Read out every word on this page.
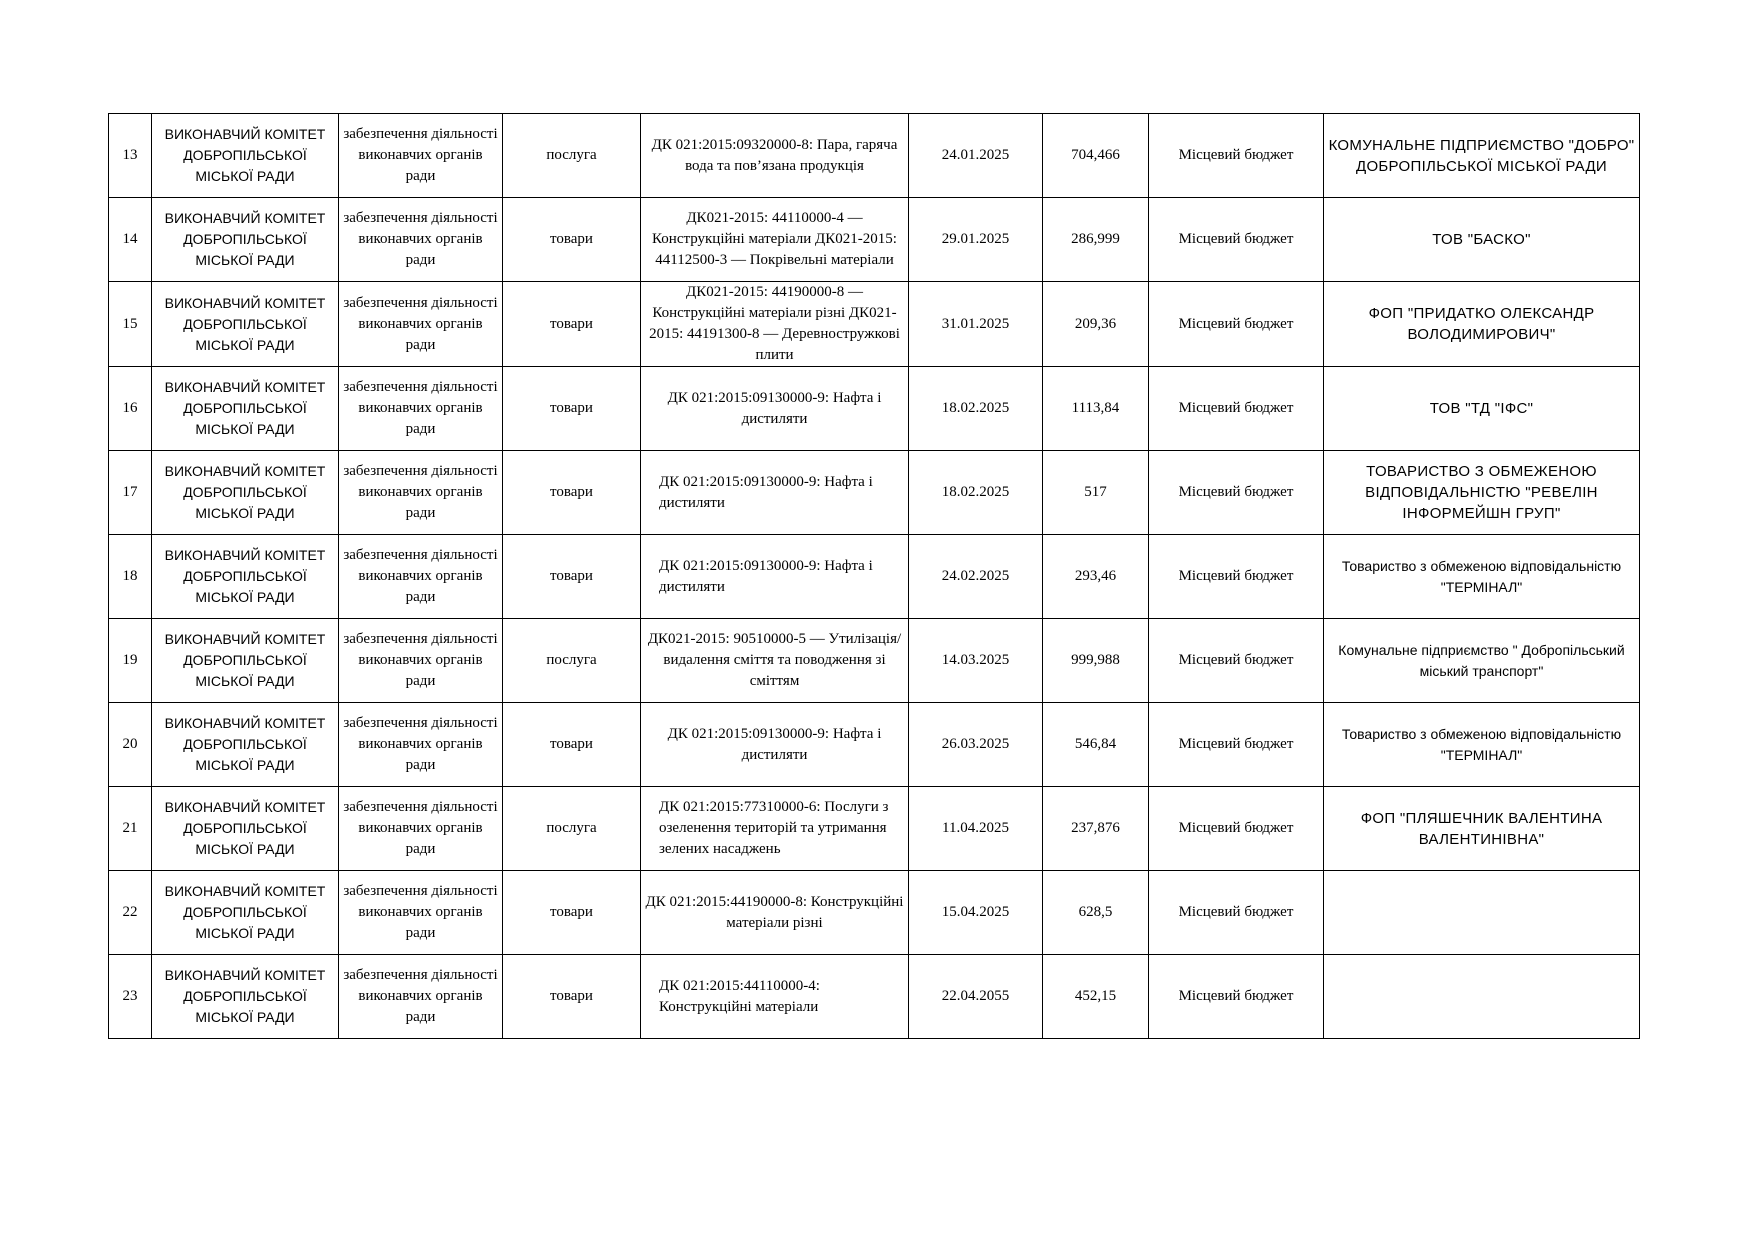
13	ВИКОНАВЧИЙ КОМІТЕТ ДОБРОПІЛЬСЬКОЇ МІСЬКОЇ РАДИ	забезпечення діяльності виконавчих органів ради	послуга	ДК 021:2015:09320000-8: Пара, гаряча вода та пов’язана продукція	24.01.2025	704,466	Місцевий бюджет	КОМУНАЛЬНЕ ПІДПРИЄМСТВО "ДОБРО" ДОБРОПІЛЬСЬКОЇ МІСЬКОЇ РАДИ
14	ВИКОНАВЧИЙ КОМІТЕТ ДОБРОПІЛЬСЬКОЇ МІСЬКОЇ РАДИ	забезпечення діяльності виконавчих органів ради	товари	ДК021-2015: 44110000-4 — Конструкційні матеріали ДК021-2015: 44112500-3 — Покрівельні матеріали	29.01.2025	286,999	Місцевий бюджет	ТОВ "БАСКО"
15	ВИКОНАВЧИЙ КОМІТЕТ ДОБРОПІЛЬСЬКОЇ МІСЬКОЇ РАДИ	забезпечення діяльності виконавчих органів ради	товари	ДК021-2015: 44190000-8 — Конструкційні матеріали різні ДК021-2015: 44191300-8 — Деревностружкові плити	31.01.2025	209,36	Місцевий бюджет	ФОП "ПРИДАТКО ОЛЕКСАНДР ВОЛОДИМИРОВИЧ"
16	ВИКОНАВЧИЙ КОМІТЕТ ДОБРОПІЛЬСЬКОЇ МІСЬКОЇ РАДИ	забезпечення діяльності виконавчих органів ради	товари	ДК 021:2015:09130000-9: Нафта і дистиляти	18.02.2025	1113,84	Місцевий бюджет	ТОВ "ТД "ІФС"
17	ВИКОНАВЧИЙ КОМІТЕТ ДОБРОПІЛЬСЬКОЇ МІСЬКОЇ РАДИ	забезпечення діяльності виконавчих органів ради	товари	ДК 021:2015:09130000-9: Нафта і дистиляти	18.02.2025	517	Місцевий бюджет	ТОВАРИСТВО З ОБМЕЖЕНОЮ ВІДПОВІДАЛЬНІСТЮ "РЕВЕЛІН ІНФОРМЕЙШН ГРУП"
18	ВИКОНАВЧИЙ КОМІТЕТ ДОБРОПІЛЬСЬКОЇ МІСЬКОЇ РАДИ	забезпечення діяльності виконавчих органів ради	товари	ДК 021:2015:09130000-9: Нафта і дистиляти	24.02.2025	293,46	Місцевий бюджет	Товариство з обмеженою відповідальністю "ТЕРМІНАЛ"
19	ВИКОНАВЧИЙ КОМІТЕТ ДОБРОПІЛЬСЬКОЇ МІСЬКОЇ РАДИ	забезпечення діяльності виконавчих органів ради	послуга	ДК021-2015: 90510000-5 — Утилізація/видалення сміття та поводження зі сміттям	14.03.2025	999,988	Місцевий бюджет	Комунальне підприємство " Добропільський міський транспорт"
20	ВИКОНАВЧИЙ КОМІТЕТ ДОБРОПІЛЬСЬКОЇ МІСЬКОЇ РАДИ	забезпечення діяльності виконавчих органів ради	товари	ДК 021:2015:09130000-9: Нафта і дистиляти	26.03.2025	546,84	Місцевий бюджет	Товариство з обмеженою відповідальністю "ТЕРМІНАЛ"
21	ВИКОНАВЧИЙ КОМІТЕТ ДОБРОПІЛЬСЬКОЇ МІСЬКОЇ РАДИ	забезпечення діяльності виконавчих органів ради	послуга	ДК 021:2015:77310000-6: Послуги з озеленення територій та утримання зелених насаджень	11.04.2025	237,876	Місцевий бюджет	ФОП "ПЛЯШЕЧНИК ВАЛЕНТИНА ВАЛЕНТИНІВНА"
22	ВИКОНАВЧИЙ КОМІТЕТ ДОБРОПІЛЬСЬКОЇ МІСЬКОЇ РАДИ	забезпечення діяльності виконавчих органів ради	товари	ДК 021:2015:44190000-8: Конструкційні матеріали різні	15.04.2025	628,5	Місцевий бюджет	
23	ВИКОНАВЧИЙ КОМІТЕТ ДОБРОПІЛЬСЬКОЇ МІСЬКОЇ РАДИ	забезпечення діяльності виконавчих органів ради	товари	ДК 021:2015:44110000-4: Конструкційні матеріали	22.04.2055	452,15	Місцевий бюджет	
